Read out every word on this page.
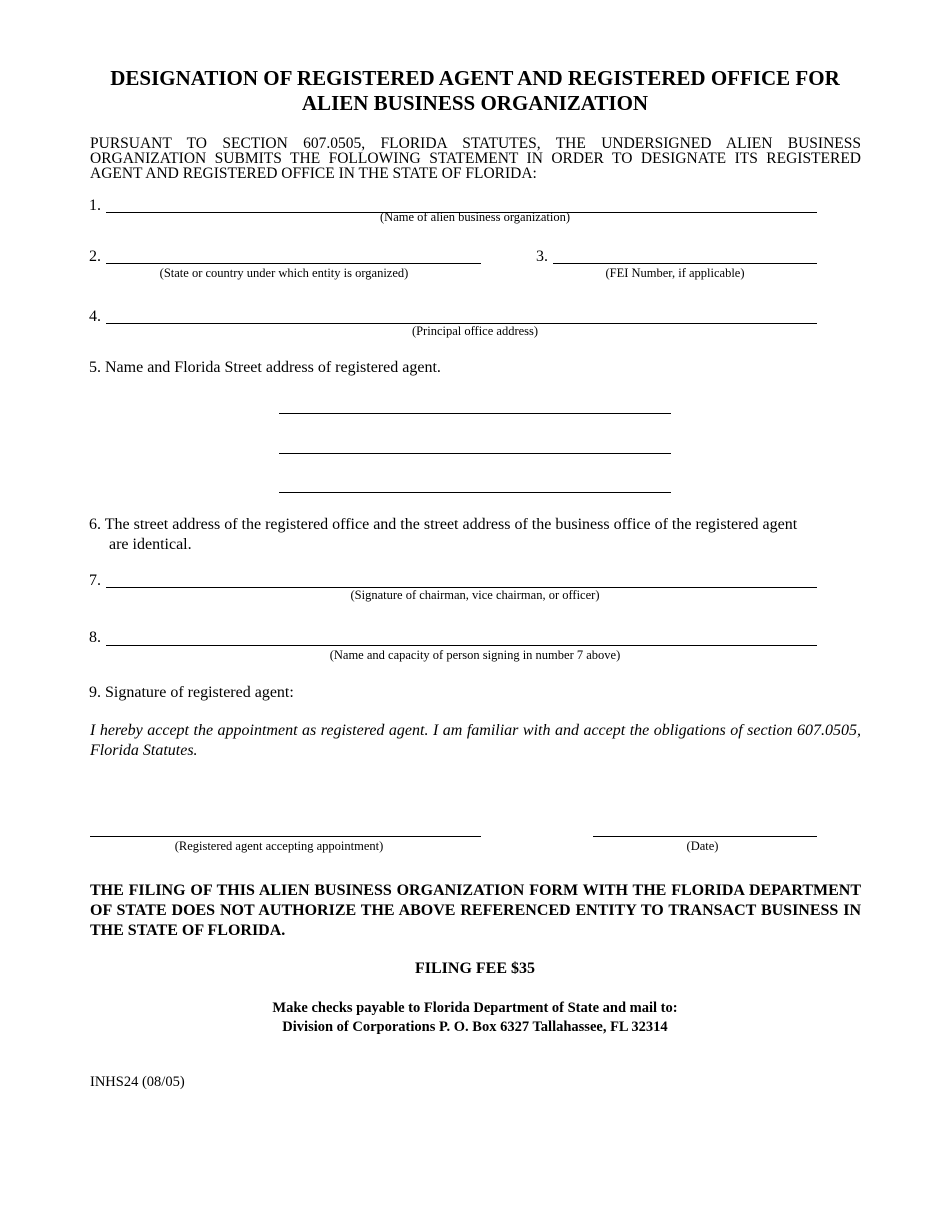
DESIGNATION OF REGISTERED AGENT AND REGISTERED OFFICE FOR
ALIEN BUSINESS ORGANIZATION
PURSUANT TO SECTION 607.0505, FLORIDA STATUTES, THE UNDERSIGNED ALIEN BUSINESS ORGANIZATION SUBMITS THE FOLLOWING STATEMENT IN ORDER TO DESIGNATE ITS REGISTERED AGENT AND REGISTERED OFFICE IN THE STATE OF FLORIDA:
1.
(Name of alien business organization)
2.
(State or country under which entity is organized)
3.
(FEI Number, if applicable)
4.
(Principal office address)
5. Name and Florida Street address of registered agent.
6. The street address of the registered office and the street address of the business office of the registered agent
are identical.
7.
(Signature of chairman, vice chairman, or officer)
8.
(Name and capacity of person signing in number 7 above)
9. Signature of registered agent:
I hereby accept the appointment as registered agent. I am familiar with and accept the obligations of section 607.0505, Florida Statutes.
(Registered agent accepting appointment)	(Date)
THE FILING OF THIS ALIEN BUSINESS ORGANIZATION FORM WITH THE FLORIDA DEPARTMENT OF STATE DOES NOT AUTHORIZE THE ABOVE REFERENCED ENTITY TO TRANSACT BUSINESS IN THE STATE OF FLORIDA.
FILING FEE $35
Make checks payable to Florida Department of State and mail to:
Division of Corporations P. O. Box 6327 Tallahassee, FL 32314
INHS24 (08/05)
